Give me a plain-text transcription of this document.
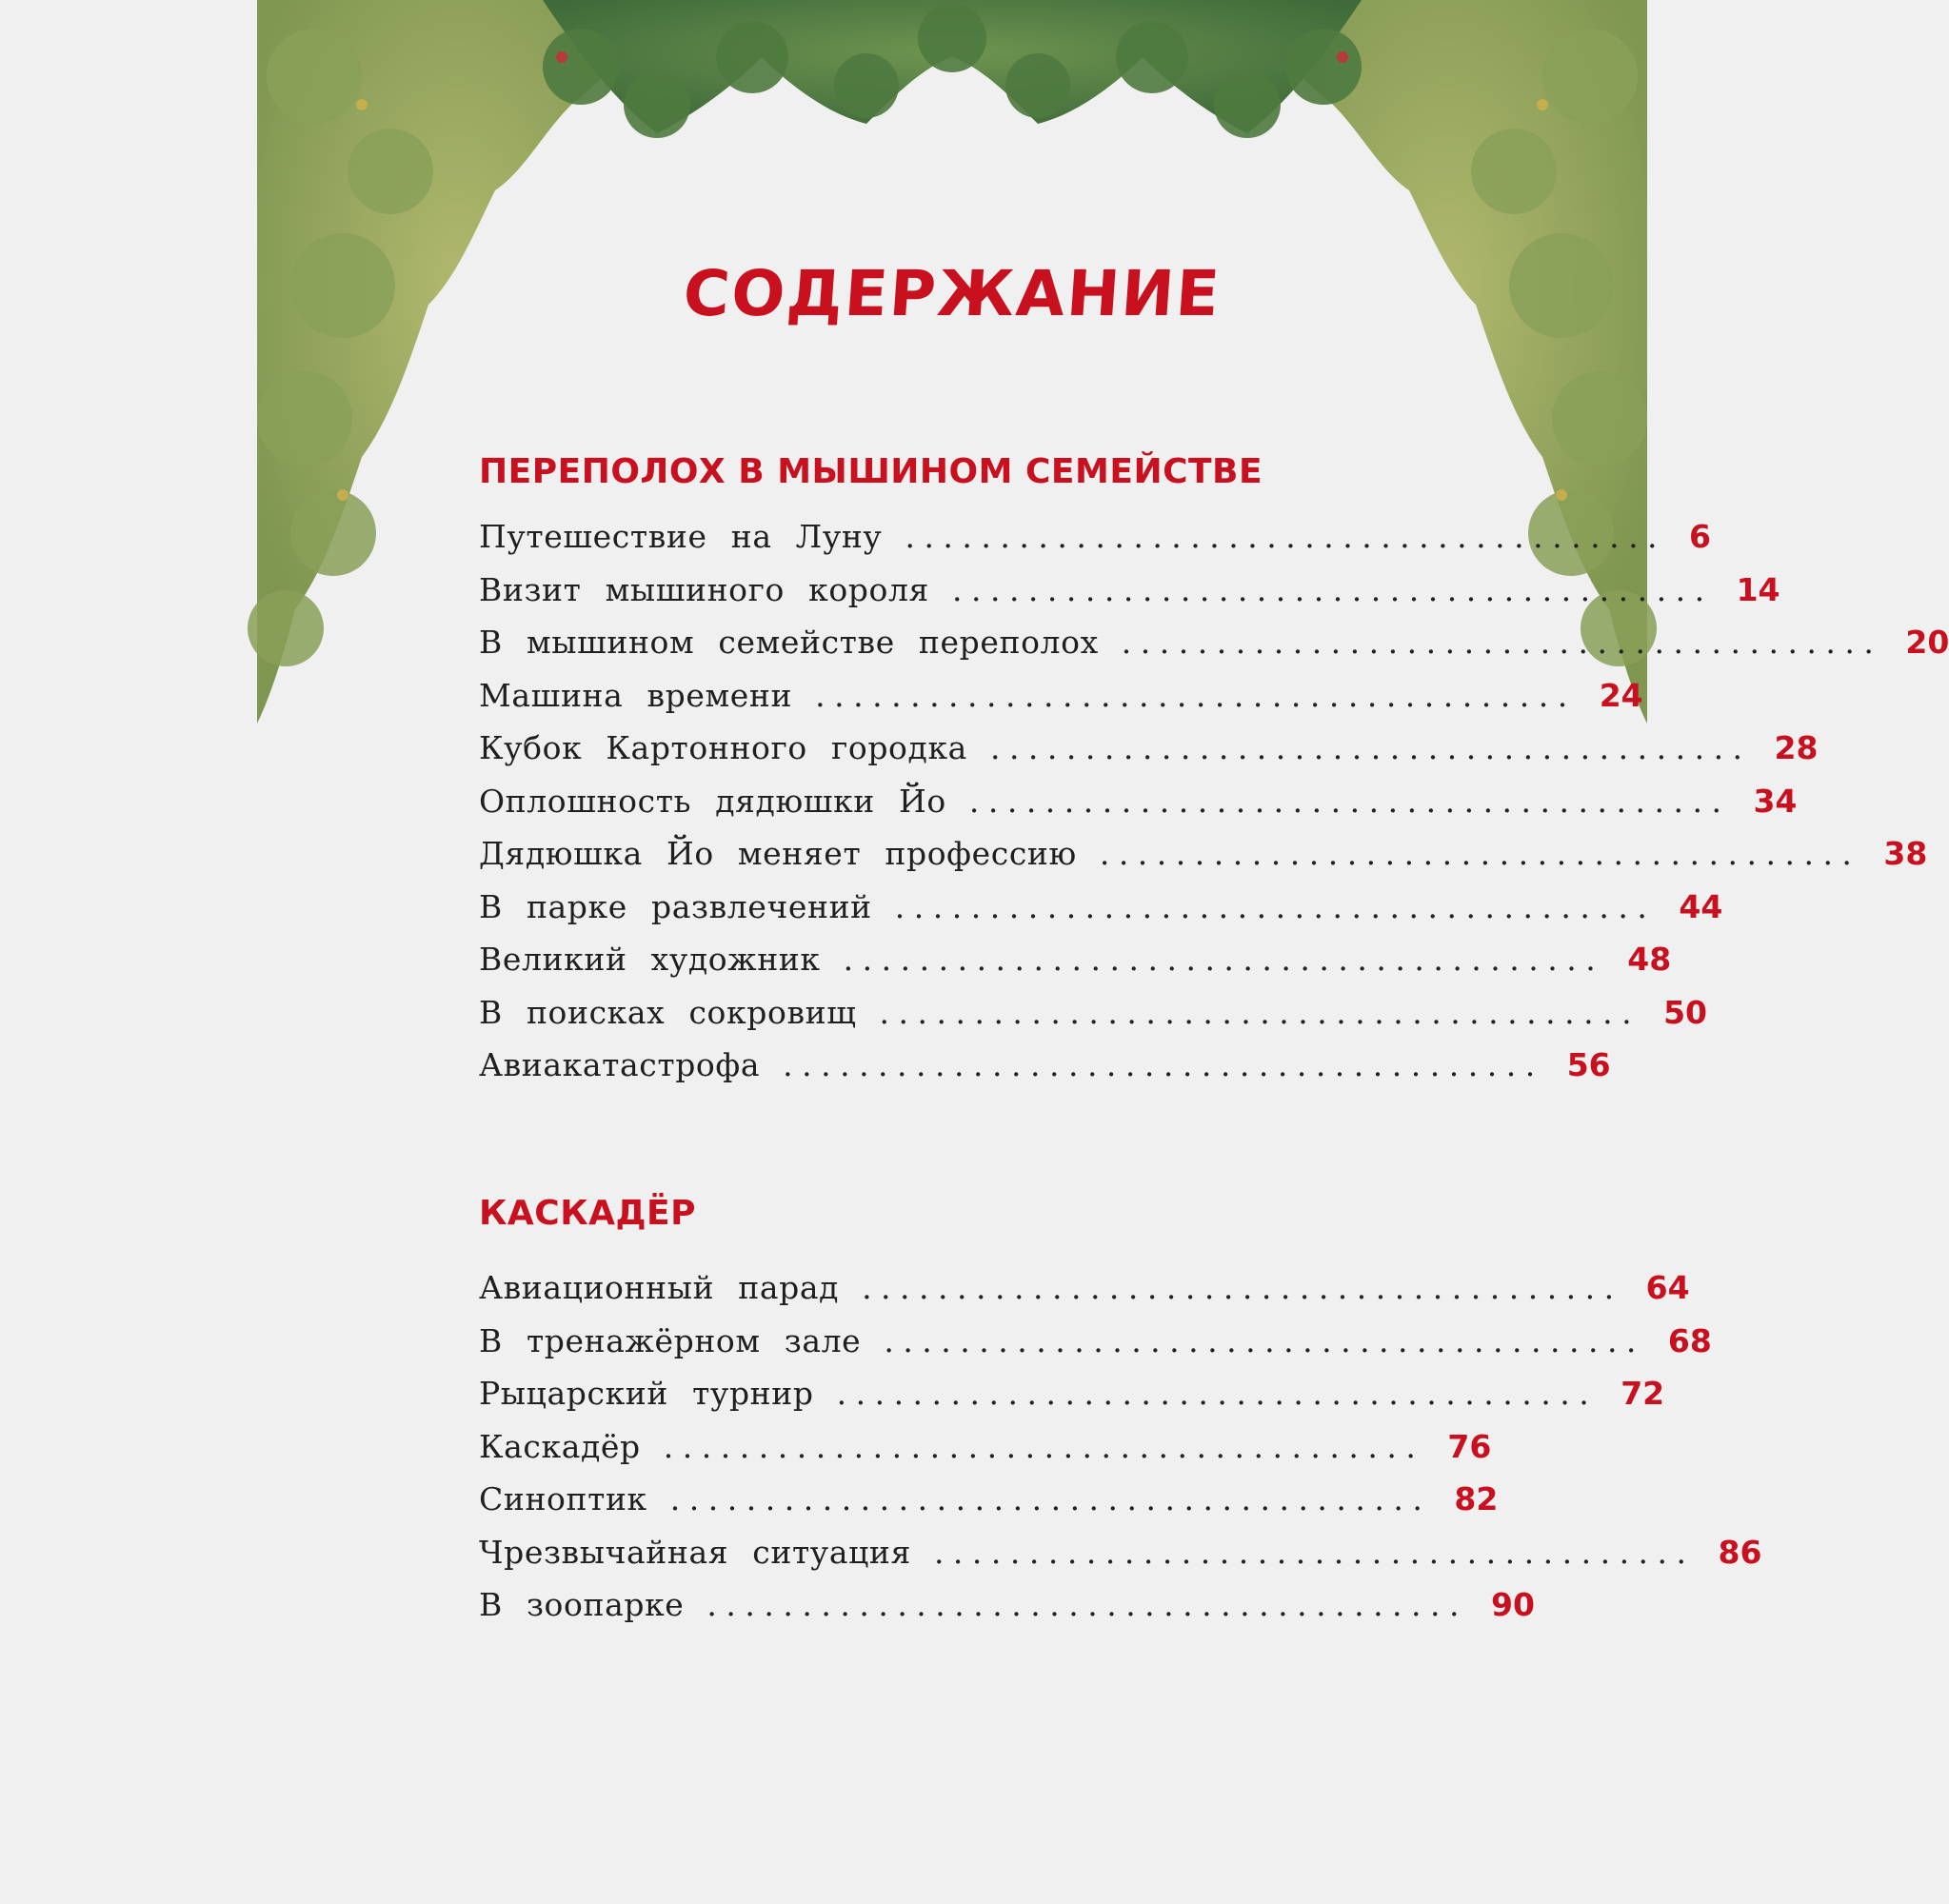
СОДЕРЖАНИЕ
ПЕРЕПОЛОХ В МЫШИНОМ СЕМЕЙСТВЕ
Путешествие на Луну ........................................ 6
Визит мышиного короля ........................................ 14
В мышином семействе переполох ........................................ 20
Машина времени ........................................ 24
Кубок Картонного городка ........................................ 28
Оплошность дядюшки Йо ........................................ 34
Дядюшка Йо меняет профессию ........................................ 38
В парке развлечений ........................................ 44
Великий художник ........................................ 48
В поисках сокровищ ........................................ 50
Авиакатастрофа ........................................ 56
КАСКАДЁР
Авиационный парад ........................................ 64
В тренажёрном зале ........................................ 68
Рыцарский турнир ........................................ 72
Каскадёр ........................................ 76
Синоптик ........................................ 82
Чрезвычайная ситуация ........................................ 86
В зоопарке ........................................ 90
